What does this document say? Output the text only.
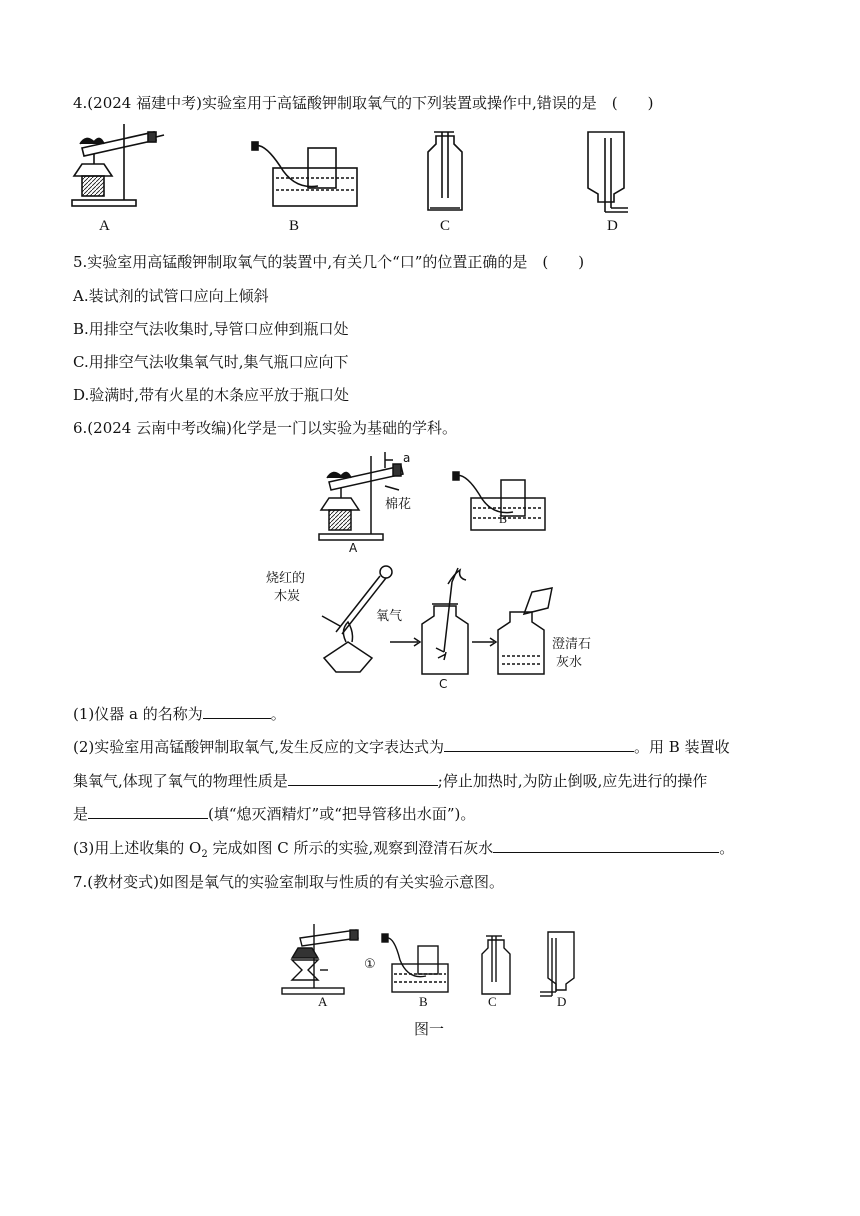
4.(2024 福建中考)实验室用于高锰酸钾制取氧气的下列装置或操作中,错误的是　(　　)
A	B	C	D
5.实验室用高锰酸钾制取氧气的装置中,有关几个“口”的位置正确的是　(　　)
A.装试剂的试管口应向上倾斜
B.用排空气法收集时,导管口应伸到瓶口处
C.用排空气法收集氧气时,集气瓶口应向下
D.验满时,带有火星的木条应平放于瓶口处
6.(2024 云南中考改编)化学是一门以实验为基础的学科。
a
棉花
A
B
烧红的
木炭
氧气
C
澄清石
灰水
(1)仪器 a 的名称为	。
(2)实验室用高锰酸钾制取氧气,发生反应的文字表达式为	。用 B 装置收
集氧气,体现了氧气的物理性质是	;停止加热时,为防止倒吸,应先进行的操作
是	(填“熄灭酒精灯”或“把导管移出水面”)。
(3)用上述收集的 $O_2$ 完成如图 C 所示的实验,观察到澄清石灰水	。
7.(教材变式)如图是氧气的实验室制取与性质的有关实验示意图。
①
A	B	C	D
图一
